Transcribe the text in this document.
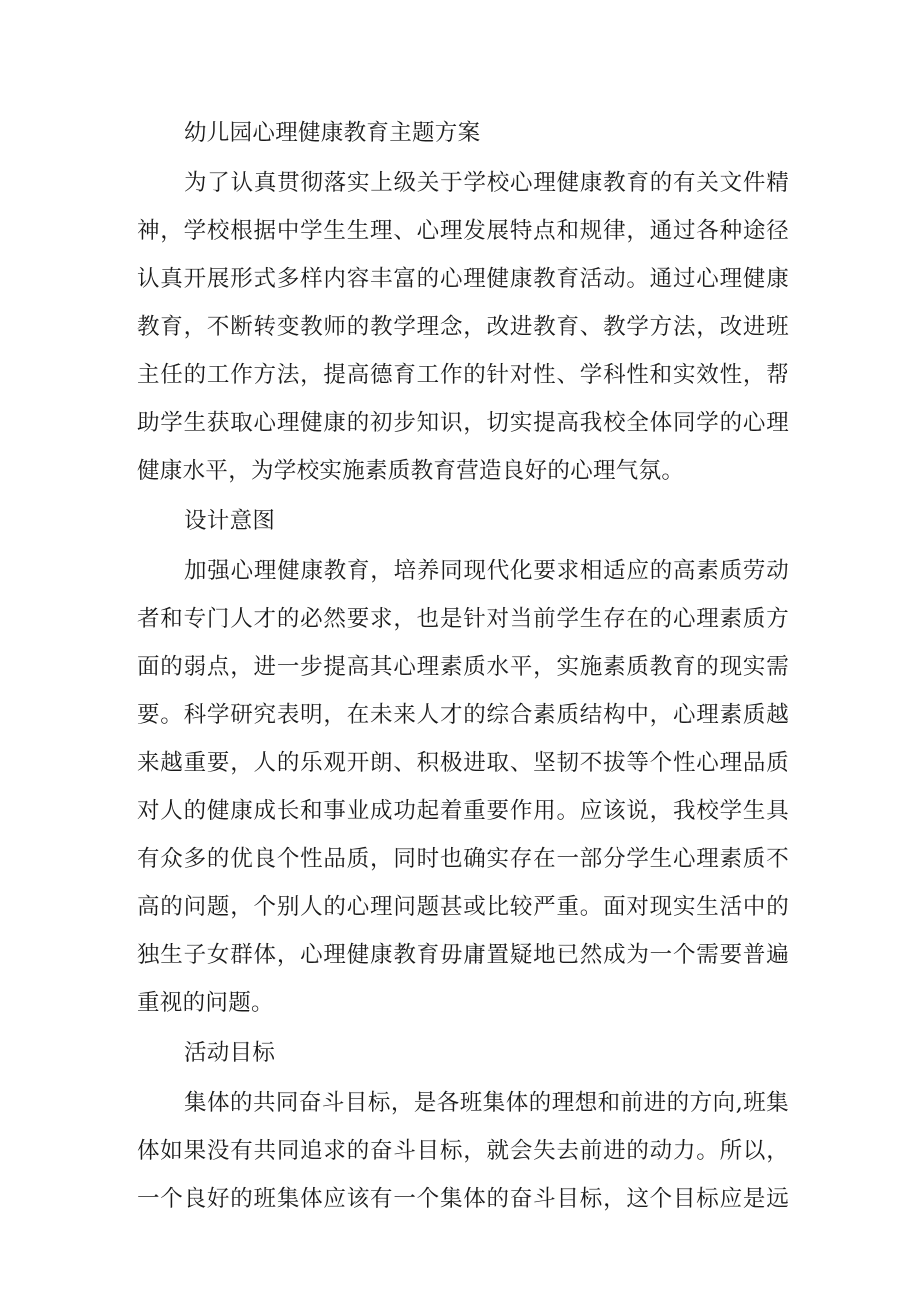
幼儿园心理健康教育主题方案
为了认真贯彻落实上级关于学校心理健康教育的有关文件精
神，学校根据中学生生理、心理发展特点和规律，通过各种途径
认真开展形式多样内容丰富的心理健康教育活动。通过心理健康
教育，不断转变教师的教学理念，改进教育、教学方法，改进班
主任的工作方法，提高德育工作的针对性、学科性和实效性，帮
助学生获取心理健康的初步知识，切实提高我校全体同学的心理
健康水平，为学校实施素质教育营造良好的心理气氛。
设计意图
加强心理健康教育，培养同现代化要求相适应的高素质劳动
者和专门人才的必然要求，也是针对当前学生存在的心理素质方
面的弱点，进一步提高其心理素质水平，实施素质教育的现实需
要。科学研究表明，在未来人才的综合素质结构中，心理素质越
来越重要，人的乐观开朗、积极进取、坚韧不拔等个性心理品质
对人的健康成长和事业成功起着重要作用。应该说，我校学生具
有众多的优良个性品质，同时也确实存在一部分学生心理素质不
高的问题，个别人的心理问题甚或比较严重。面对现实生活中的
独生子女群体，心理健康教育毋庸置疑地已然成为一个需要普遍
重视的问题。
活动目标
集体的共同奋斗目标，是各班集体的理想和前进的方向,班集
体如果没有共同追求的奋斗目标，就会失去前进的动力。所以，
一个良好的班集体应该有一个集体的奋斗目标，这个目标应是远
